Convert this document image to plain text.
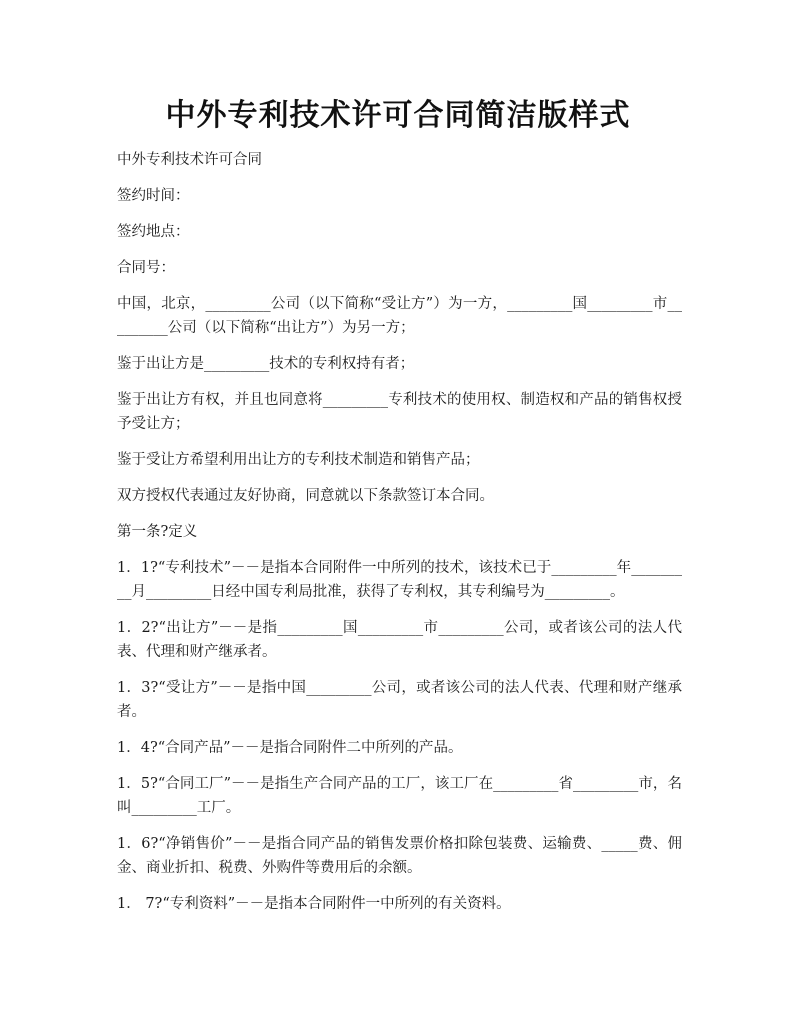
中外专利技术许可合同简洁版样式

中外专利技术许可合同

签约时间：

签约地点：

合同号：

中国，北京，_________公司（以下简称“受让方”）为一方，_________国_________市_________公司（以下简称“出让方”）为另一方；

鉴于出让方是_________技术的专利权持有者；

鉴于出让方有权，并且也同意将_________专利技术的使用权、制造权和产品的销售权授予受让方；

鉴于受让方希望利用出让方的专利技术制造和销售产品；

双方授权代表通过友好协商，同意就以下条款签订本合同。

第一条?定义

1．1?“专利技术”－－是指本合同附件一中所列的技术，该技术已于_________年_________月_________日经中国专利局批准，获得了专利权，其专利编号为_________。

1．2?“出让方”－－是指_________国_________市_________公司，或者该公司的法人代表、代理和财产继承者。

1．3?“受让方”－－是指中国_________公司，或者该公司的法人代表、代理和财产继承者。

1．4?“合同产品”－－是指合同附件二中所列的产品。

1．5?“合同工厂”－－是指生产合同产品的工厂，该工厂在_________省_________市，名叫_________工厂。

1．6?“净销售价”－－是指合同产品的销售发票价格扣除包装费、运输费、_____费、佣金、商业折扣、税费、外购件等费用后的余额。

1． 7?“专利资料”－－是指本合同附件一中所列的有关资料。
